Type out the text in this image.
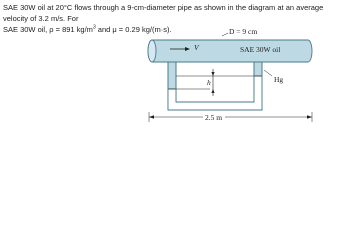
SAE 30W oil at 20°C flows through a 9-cm-diameter pipe as shown in the diagram at an average velocity of 3.2 m/s. For
SAE 30W oil, ρ = 891 $kg/m^3$ and μ = 0.29 kg/(m·s).	D = 9 cm
V	SAE 30W oil
h	Hg
2.5 m
